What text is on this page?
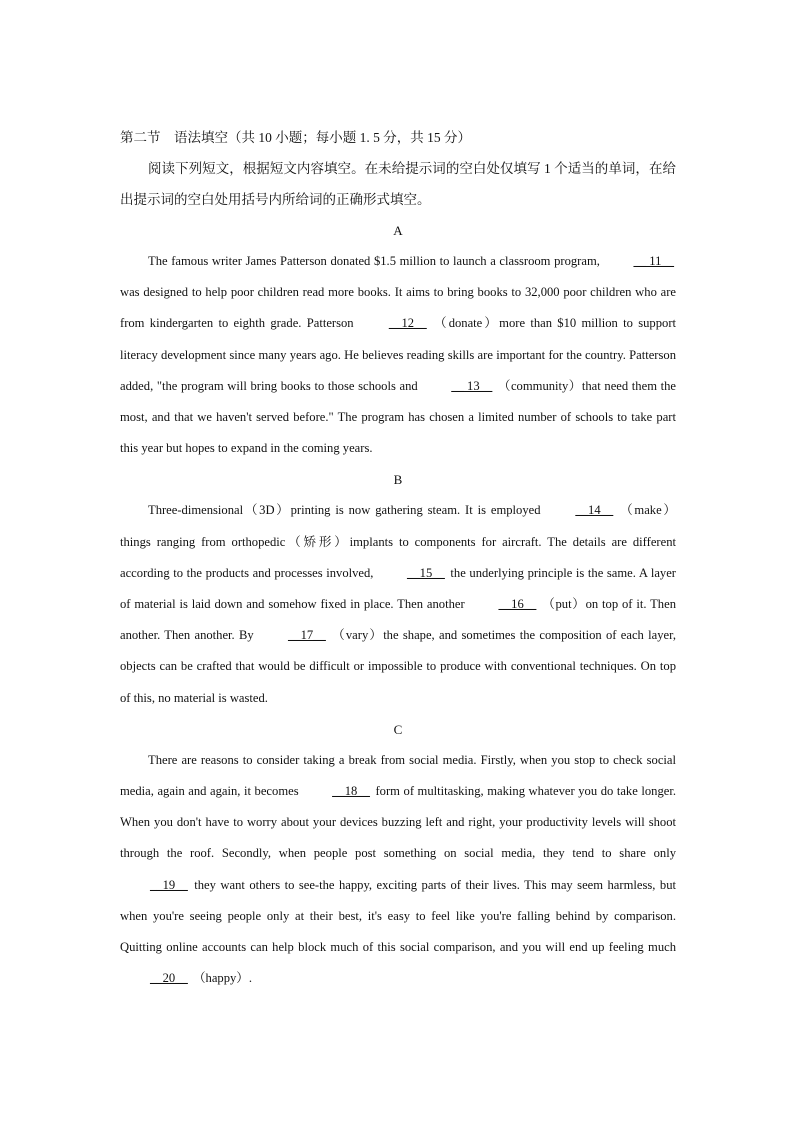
第二节　语法填空（共 10 小题；每小题 1. 5 分，共 15 分）

阅读下列短文，根据短文内容填空。在未给提示词的空白处仅填写 1 个适当的单词，在给出提示词的空白处用括号内所给词的正确形式填空。

A

The famous writer James Patterson donated $1.5 million to launch a classroom program, __ 11__ was designed to help poor children read more books. It aims to bring books to 32,000 poor children who are from kindergarten to eighth grade. Patterson __12__ （donate）more than $10 million to support literacy development since many years ago. He believes reading skills are important for the country. Patterson added, "the program will bring books to those schools and __ 13__ （community）that need them the most, and that we haven't served before." The program has chosen a limited number of schools to take part this year but hopes to expand in the coming years.

B

Three-dimensional（3D）printing is now gathering steam. It is employed __14__ （make）things ranging from orthopedic（矫形）implants to components for aircraft. The details are different according to the products and processes involved, __15__ the underlying principle is the same. A layer of material is laid down and somehow fixed in place. Then another __16__ （put）on top of it. Then another. Then another. By __17__ （vary）the shape, and sometimes the composition of each layer, objects can be crafted that would be difficult or impossible to produce with conventional techniques. On top of this, no material is wasted.

C

There are reasons to consider taking a break from social media. Firstly, when you stop to check social media, again and again, it becomes __18__ form of multitasking, making whatever you do take longer. When you don't have to worry about your devices buzzing left and right, your productivity levels will shoot through the roof. Secondly, when people post something on social media, they tend to share only __19__ they want others to see-the happy, exciting parts of their lives. This may seem harmless, but when you're seeing people only at their best, it's easy to feel like you're falling behind by comparison. Quitting online accounts can help block much of this social comparison, and you will end up feeling much __20__ （happy）.
